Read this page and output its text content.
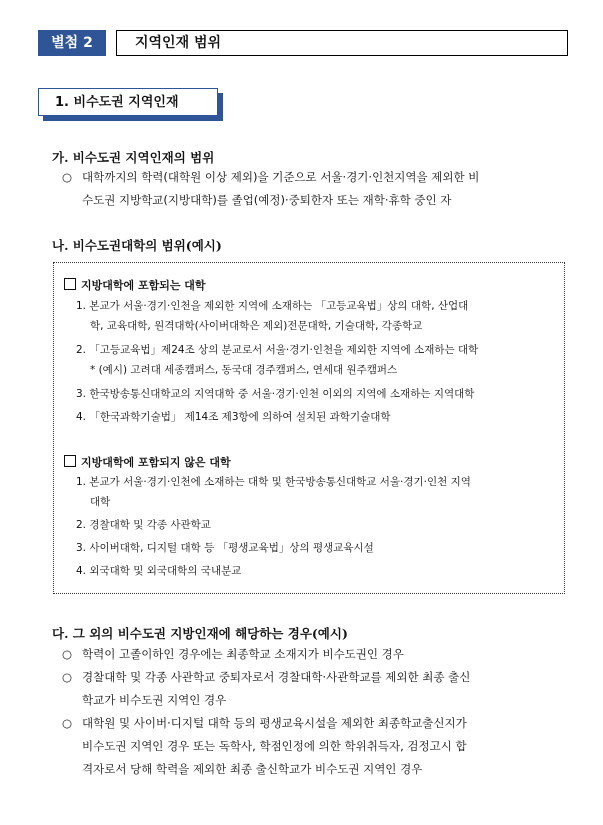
별첨 2	지역인재 범위
1. 비수도권 지역인재
가. 비수도권 지역인재의 범위
○ 대학까지의 학력(대학원 이상 제외)을 기준으로 서울·경기·인천지역을 제외한 비
수도권 지방학교(지방대학)를 졸업(예정)·중퇴한자 또는 재학·휴학 중인 자
나. 비수도권대학의 범위(예시)
지방대학에 포함되는 대학
1. 본교가 서울·경기·인천을 제외한 지역에 소재하는 「고등교육법」상의 대학, 산업대
학, 교육대학, 원격대학(사이버대학은 제외)전문대학, 기술대학, 각종학교
2. 「고등교육법」제24조 상의 분교로서 서울·경기·인천을 제외한 지역에 소재하는 대학
* (예시) 고려대 세종캠퍼스, 동국대 경주캠퍼스, 연세대 원주캠퍼스
3. 한국방송통신대학교의 지역대학 중 서울·경기·인천 이외의 지역에 소재하는 지역대학
4. 「한국과학기술법」 제14조 제3항에 의하여 설치된 과학기술대학
지방대학에 포함되지 않은 대학
1. 본교가 서울·경기·인천에 소재하는 대학 및 한국방송통신대학교 서울·경기·인천 지역
대학
2. 경찰대학 및 각종 사관학교
3. 사이버대학, 디지털 대학 등 「평생교육법」상의 평생교육시설
4. 외국대학 및 외국대학의 국내분교
다. 그 외의 비수도권 지방인재에 해당하는 경우(예시)
○ 학력이 고졸이하인 경우에는 최종학교 소재지가 비수도권인 경우
○ 경찰대학 및 각종 사관학교 중퇴자로서 경찰대학·사관학교를 제외한 최종 출신
학교가 비수도권 지역인 경우
○ 대학원 및 사이버·디지털 대학 등의 평생교육시설을 제외한 최종학교출신지가
비수도권 지역인 경우 또는 독학사, 학점인정에 의한 학위취득자, 검정고시 합
격자로서 당해 학력을 제외한 최종 출신학교가 비수도권 지역인 경우
